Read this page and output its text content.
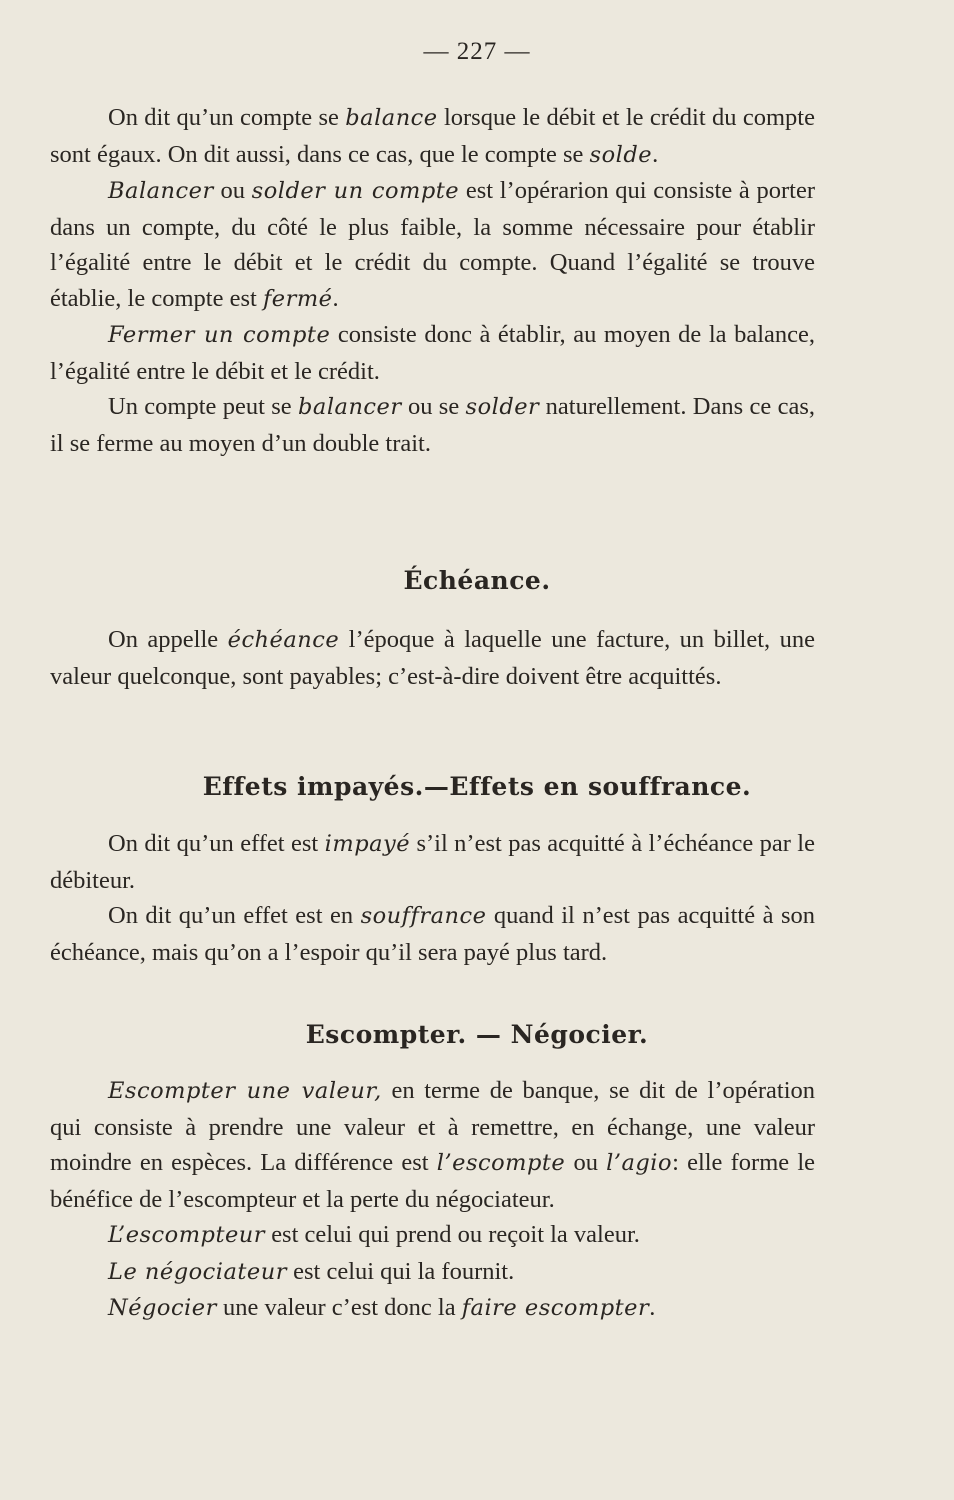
— 227 —

On dit qu’un compte se balance lorsque le débit et le crédit du compte sont égaux. On dit aussi, dans ce cas, que le compte se solde.

Balancer ou solder un compte est l’opérarion qui consiste à porter dans un compte, du côté le plus faible, la somme nécessaire pour établir l’égalité entre le débit et le crédit du compte. Quand l’égalité se trouve établie, le compte est fermé.

Fermer un compte consiste donc à établir, au moyen de la balance, l’égalité entre le débit et le crédit.

Un compte peut se balancer ou se solder naturellement. Dans ce cas, il se ferme au moyen d’un double trait.

Échéance.

On appelle échéance l’époque à laquelle une facture, un billet, une valeur quelconque, sont payables; c’est-à-dire doivent être acquittés.

Effets impayés.—Effets en souffrance.

On dit qu’un effet est impayé s’il n’est pas acquitté à l’échéance par le débiteur.

On dit qu’un effet est en souffrance quand il n’est pas acquitté à son échéance, mais qu’on a l’espoir qu’il sera payé plus tard.

Escompter. — Négocier.

Escompter une valeur, en terme de banque, se dit de l’opération qui consiste à prendre une valeur et à remettre, en échange, une valeur moindre en espèces. La différence est l’escompte ou l’agio: elle forme le bénéfice de l’escompteur et la perte du négociateur.

L’escompteur est celui qui prend ou reçoit la valeur.

Le négociateur est celui qui la fournit.

Négocier une valeur c’est donc la faire escompter.
